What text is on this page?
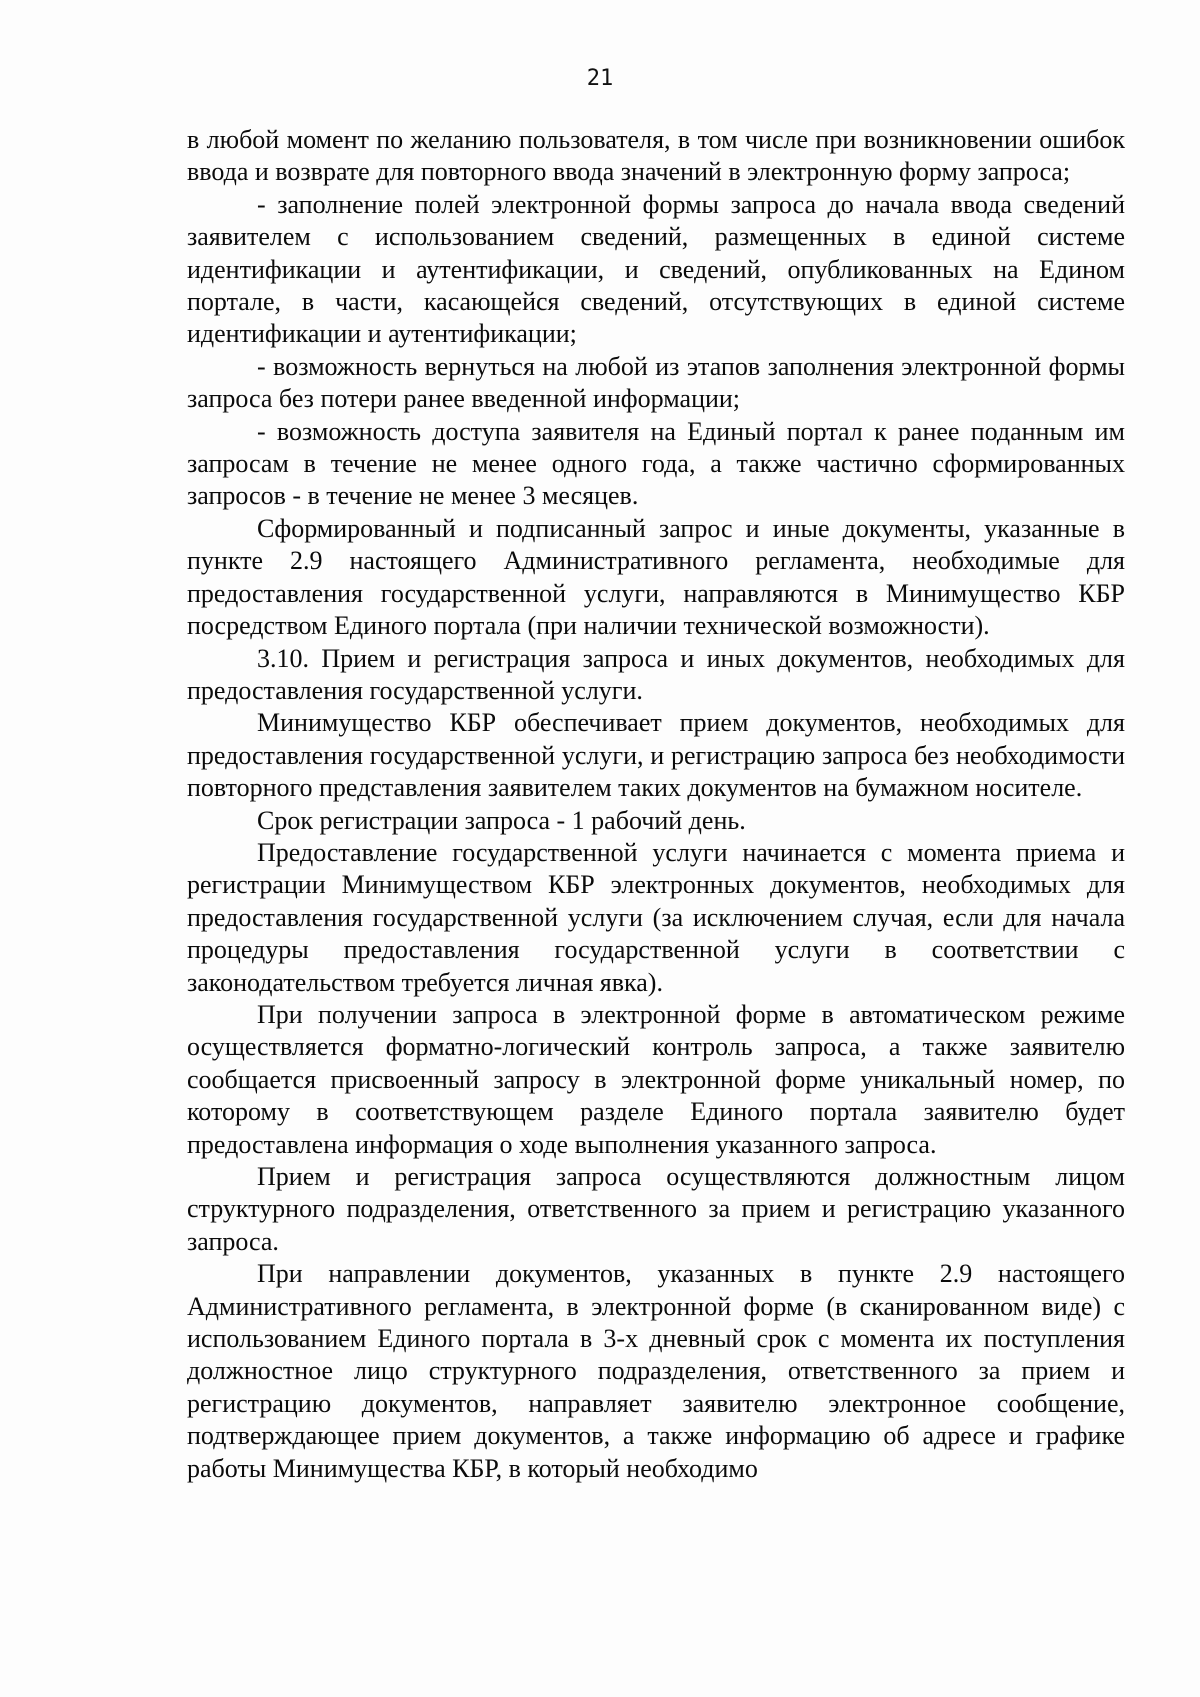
21

в любой момент по желанию пользователя, в том числе при возникновении ошибок ввода и возврате для повторного ввода значений в электронную форму запроса;

- заполнение полей электронной формы запроса до начала ввода сведений заявителем с использованием сведений, размещенных в единой системе идентификации и аутентификации, и сведений, опубликованных на Едином портале, в части, касающейся сведений, отсутствующих в единой системе идентификации и аутентификации;

- возможность вернуться на любой из этапов заполнения электронной формы запроса без потери ранее введенной информации;

- возможность доступа заявителя на Единый портал к ранее поданным им запросам в течение не менее одного года, а также частично сформированных запросов - в течение не менее 3 месяцев.

Сформированный и подписанный запрос и иные документы, указанные в пункте 2.9 настоящего Административного регламента, необходимые для предоставления государственной услуги, направляются в Минимущество КБР посредством Единого портала (при наличии технической возможности).

3.10. Прием и регистрация запроса и иных документов, необходимых для предоставления государственной услуги.

Минимущество КБР обеспечивает прием документов, необходимых для предоставления государственной услуги, и регистрацию запроса без необходимости повторного представления заявителем таких документов на бумажном носителе.

Срок регистрации запроса - 1 рабочий день.

Предоставление государственной услуги начинается с момента приема и регистрации Минимуществом КБР электронных документов, необходимых для предоставления государственной услуги (за исключением случая, если для начала процедуры предоставления государственной услуги в соответствии с законодательством требуется личная явка).

При получении запроса в электронной форме в автоматическом режиме осуществляется форматно-логический контроль запроса, а также заявителю сообщается присвоенный запросу в электронной форме уникальный номер, по которому в соответствующем разделе Единого портала заявителю будет предоставлена информация о ходе выполнения указанного запроса.

Прием и регистрация запроса осуществляются должностным лицом структурного подразделения, ответственного за прием и регистрацию указанного запроса.

При направлении документов, указанных в пункте 2.9 настоящего Административного регламента, в электронной форме (в сканированном виде) с использованием Единого портала в 3-х дневный срок с момента их поступления должностное лицо структурного подразделения, ответственного за прием и регистрацию документов, направляет заявителю электронное сообщение, подтверждающее прием документов, а также информацию об адресе и графике работы Минимущества КБР, в который необходимо
